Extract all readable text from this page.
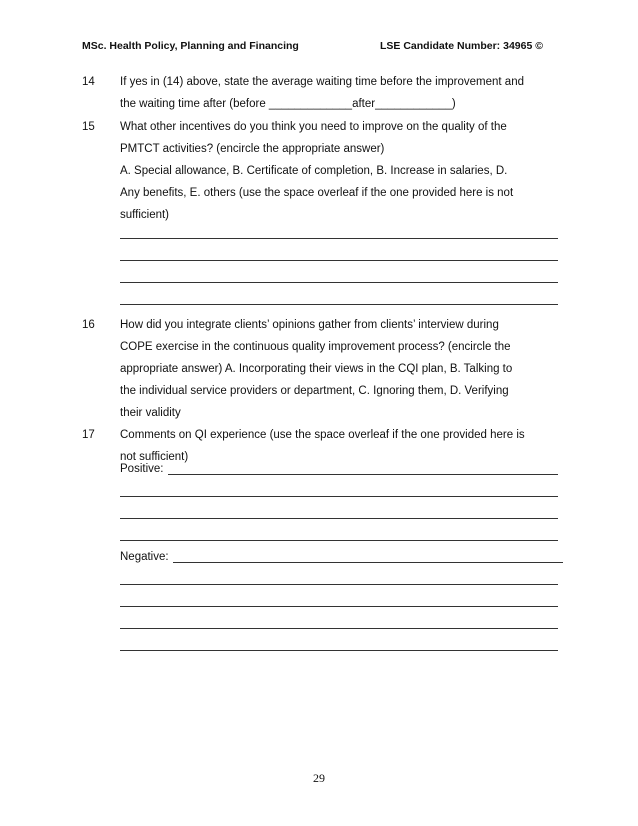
MSc. Health Policy, Planning and Financing	LSE Candidate Number: 34965 ©
14 If yes in (14) above, state the average waiting time before the improvement and
the waiting time after (before _____________after____________)
15 What other incentives do you think you need to improve on the quality of the
PMTCT activities? (encircle the appropriate answer)
A. Special allowance, B. Certificate of completion, B. Increase in salaries, D.
Any benefits, E. others (use the space overleaf if the one provided here is not
sufficient)
16 How did you integrate clients’ opinions gather from clients’ interview during
COPE exercise in the continuous quality improvement process? (encircle the
appropriate answer) A. Incorporating their views in the CQI plan, B. Talking to
the individual service providers or department, C. Ignoring them, D. Verifying
their validity
17 Comments on QI experience (use the space overleaf if the one provided here is
not sufficient)
Positive:
Negative:
29
